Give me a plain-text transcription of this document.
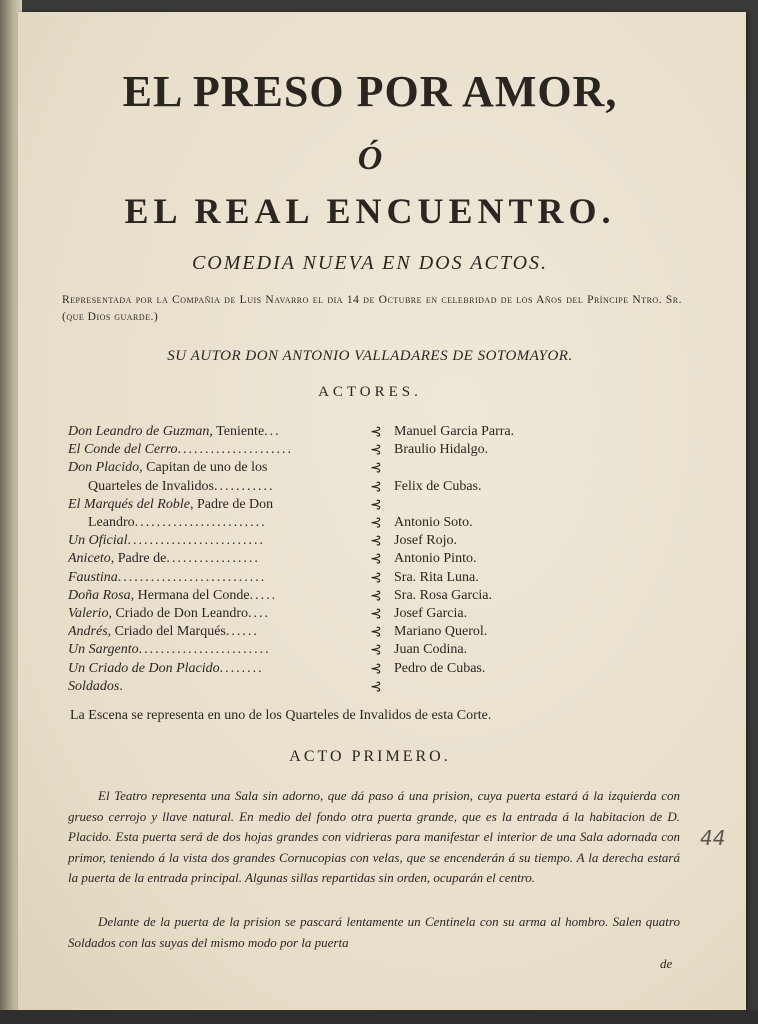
EL PRESO POR AMOR,
Ó
EL REAL ENCUENTRO.
COMEDIA NUEVA EN DOS ACTOS.
Representada por la Compañia de Luis Navarro el dia 14 de Octubre en celebridad de los Años del Príncipe Ntro. Sr. (que Dios guarde.)
SU AUTOR DON ANTONIO VALLADARES DE SOTOMAYOR.
ACTORES.
Don Leandro de Guzman, Teniente...	⊰ Manuel Garcia Parra.
El Conde del Cerro.....................	⊰ Braulio Hidalgo.
Don Placido, Capitan de uno de los	⊰
Quarteles de Invalidos...........	⊰ Felix de Cubas.
El Marqués del Roble, Padre de Don	⊰
Leandro........................	⊰ Antonio Soto.
Un Oficial.........................	⊰ Josef Rojo.
Aniceto, Padre de.................	⊰ Antonio Pinto.
Faustina...........................	⊰ Sra. Rita Luna.
Doña Rosa, Hermana del Conde.....	⊰ Sra. Rosa Garcia.
Valerio, Criado de Don Leandro....	⊰ Josef Garcia.
Andrés, Criado del Marqués......	⊰ Mariano Querol.
Un Sargento........................	⊰ Juan Codina.
Un Criado de Don Placido........	⊰ Pedro de Cubas.
Soldados.	⊰
La Escena se representa en uno de los Quarteles de Invalidos de esta Corte.
ACTO PRIMERO.
El Teatro representa una Sala sin adorno, que dá paso á una prision, cuya puerta estará á la izquierda con grueso cerrojo y llave natural. En medio del fondo otra puerta grande, que es la entrada á la habitacion de D. Placido. Esta puerta será de dos hojas grandes con vidrieras para manifestar el interior de una Sala adornada con primor, teniendo á la vista dos grandes Cornucopias con velas, que se encenderán á su tiempo. A la derecha estará la puerta de la entrada principal. Algunas sillas repartidas sin orden, ocuparán el centro.
Delante de la puerta de la prision se pascará lentamente un Centinela con su arma al hombro. Salen quatro Soldados con las suyas del mismo modo por la puerta
de
44
